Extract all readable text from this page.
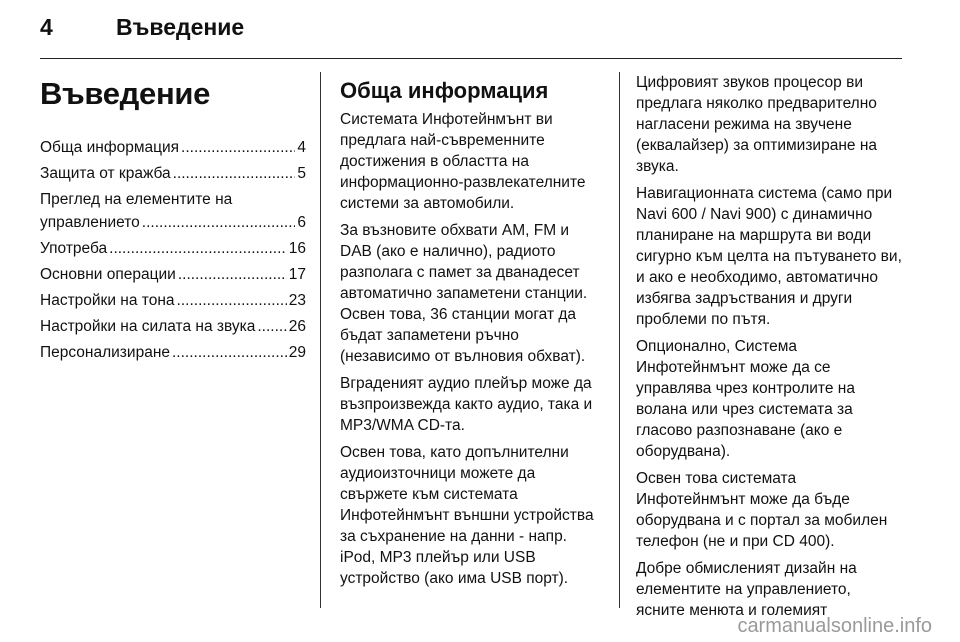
4	Въведение
Въведение
Обща информация .....	4
Защита от кражба .....	5
Преглед на елементите на
управлението .....	6
Употреба .....	16
Основни операции .....	17
Настройки на тона .....	23
Настройки на силата на звука ..... 26
Персонализиране .....	29
Обща информация

Системата Инфотейнмънт ви предлага най-съвременните достижения в областта на информационно-развлекателните системи за автомобили.

За възновите обхвати AM, FM и DAB (ако е налично), радиото разполага с памет за дванадесет автоматично запаметени станции. Освен това, 36 станции могат да бъдат запаметени ръчно (независимо от вълновия обхват).

Вграденият аудио плейър може да възпроизвежда както аудио, така и MP3/WMA CD-та.

Освен това, като допълнителни аудиоизточници можете да свържете към системата Инфотейнмънт външни устройства за съхранение на данни - напр. iPod, MP3 плейър или USB устройство (ако има USB порт).

Цифровият звуков процесор ви предлага няколко предварително нагласени режима на звучене (еквалайзер) за оптимизиране на звука.

Навигационната система (само при Navi 600 / Navi 900) с динамично планиране на маршрута ви води сигурно към целта на пътуването ви, и ако е необходимо, автоматично избягва задръствания и други проблеми по пътя.

Опционално, Системa Инфотейнмънт може да се управлява чрез контролите на волана или чрез системата за гласово разпознаване (ако е оборудвана).

Освен това системата Инфотейнмънт може да бъде оборудвана и с портал за мобилен телефон (не и при CD 400).

Добре обмисленият дизайн на елементите на управлението, ясните менюта и големият

carmanualsonline.info
